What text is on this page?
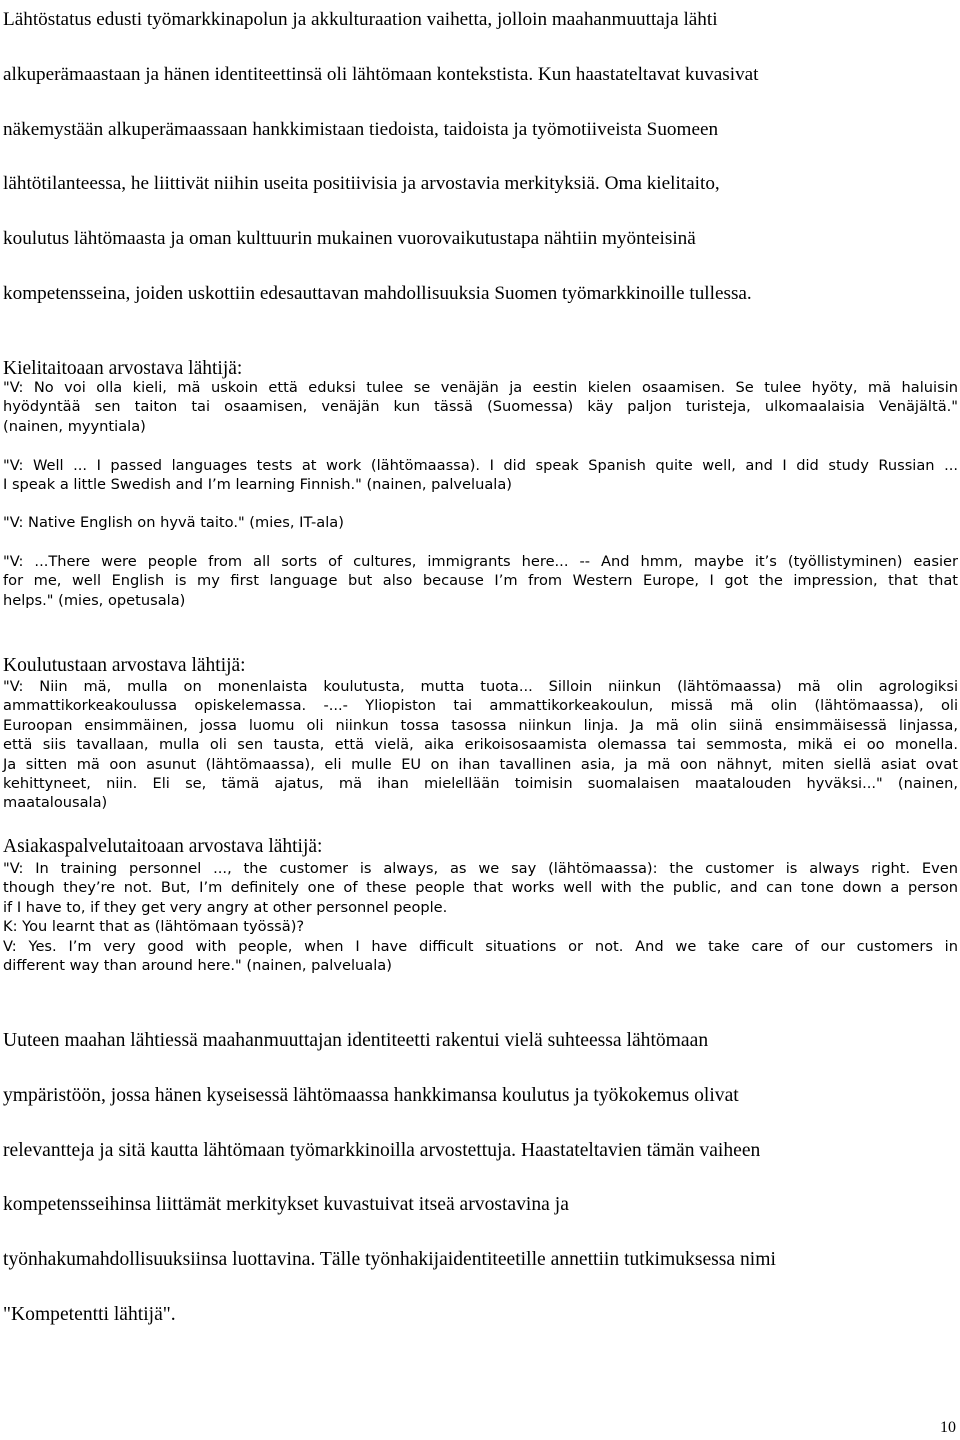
Lähtöstatus edusti työmarkkinapolun ja akkulturaation vaihetta, jolloin maahanmuuttaja lähti
alkuperämaastaan ja hänen identiteettinsä oli lähtömaan kontekstista. Kun haastateltavat kuvasivat
näkemystään alkuperämaassaan hankkimistaan tiedoista, taidoista ja työmotiiveista Suomeen
lähtötilanteessa, he liittivät niihin useita positiivisia ja arvostavia merkityksiä. Oma kielitaito,
koulutus lähtömaasta ja oman kulttuurin mukainen vuorovaikutustapa nähtiin myönteisinä
kompetensseina, joiden uskottiin edesauttavan mahdollisuuksia Suomen työmarkkinoille tullessa.
Kielitaitoaan arvostava lähtijä:
"V: No voi olla kieli, mä uskoin että eduksi tulee se venäjän ja eestin kielen osaamisen. Se tulee hyöty, mä haluisin
hyödyntää sen taiton tai osaamisen, venäjän kun tässä (Suomessa) käy paljon turisteja, ulkomaalaisia Venäjältä."
(nainen, myyntiala)
"V: Well ... I passed languages tests at work (lähtömaassa). I did speak Spanish quite well, and I did study Russian ...
I speak a little Swedish and I’m learning Finnish." (nainen, palveluala)
"V: Native English on hyvä taito." (mies, IT-ala)
"V: ...There were people from all sorts of cultures, immigrants here... -- And hmm, maybe it’s (työllistyminen) easier
for me, well English is my first language but also because I’m from Western Europe, I got the impression, that that
helps." (mies, opetusala)
Koulutustaan arvostava lähtijä:
"V: Niin mä, mulla on monenlaista koulutusta, mutta tuota... Silloin niinkun (lähtömaassa) mä olin agrologiksi
ammattikorkeakoulussa opiskelemassa. -...- Yliopiston tai ammattikorkeakoulun, missä mä olin (lähtömaassa), oli
Euroopan ensimmäinen, jossa luomu oli niinkun tossa tasossa niinkun linja. Ja mä olin siinä ensimmäisessä linjassa,
että siis tavallaan, mulla oli sen tausta, että vielä, aika erikoisosaamista olemassa tai semmosta, mikä ei oo monella.
Ja sitten mä oon asunut (lähtömaassa), eli mulle EU on ihan tavallinen asia, ja mä oon nähnyt, miten siellä asiat ovat
kehittyneet, niin. Eli se, tämä ajatus, mä ihan mielellään toimisin suomalaisen maatalouden hyväksi..." (nainen,
maatalousala)
Asiakaspalvelutaitoaan arvostava lähtijä:
"V: In training personnel ..., the customer is always, as we say (lähtömaassa): the customer is always right. Even
though they’re not. But, I’m definitely one of these people that works well with the public, and can tone down a person
if I have to, if they get very angry at other personnel people.
K: You learnt that as (lähtömaan työssä)?
V: Yes. I’m very good with people, when I have difficult situations or not. And we take care of our customers in
different way than around here." (nainen, palveluala)
Uuteen maahan lähtiessä maahanmuuttajan identiteetti rakentui vielä suhteessa lähtömaan
ympäristöön, jossa hänen kyseisessä lähtömaassa hankkimansa koulutus ja työkokemus olivat
relevantteja ja sitä kautta lähtömaan työmarkkinoilla arvostettuja. Haastateltavien tämän vaiheen
kompetensseihinsa liittämät merkitykset kuvastuivat itseä arvostavina ja
työnhakumahdollisuuksiinsa luottavina. Tälle työnhakijaidentiteetille annettiin tutkimuksessa nimi
"Kompetentti lähtijä".
10
